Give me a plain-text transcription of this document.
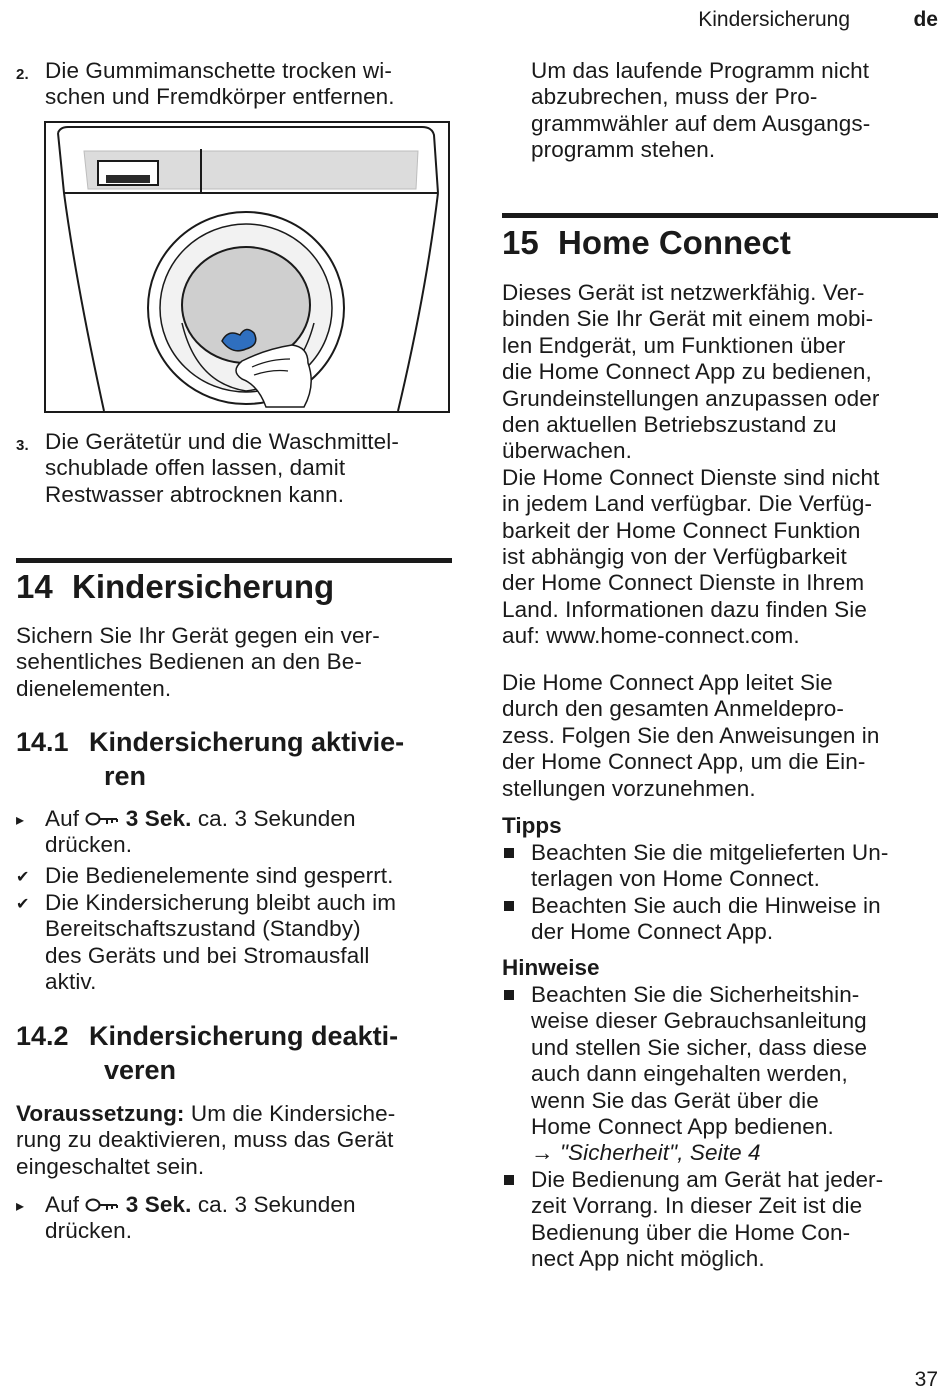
Kindersicherung	de
2. Die Gummimanschette trocken wi-
schen und Fremdkörper entfernen.
3. Die Gerätetür und die Waschmittel-
schublade offen lassen, damit
Restwasser abtrocknen kann.
14 Kindersicherung
Sichern Sie Ihr Gerät gegen ein ver-
sehentliches Bedienen an den Be-
dienelementen.
14.1 Kindersicherung aktivie-
ren
▸ Auf 3 Sek. ca. 3 Sekunden
drücken.
✔ Die Bedienelemente sind gesperrt.
✔ Die Kindersicherung bleibt auch im
Bereitschaftszustand (Standby)
des Geräts und bei Stromausfall
aktiv.
14.2 Kindersicherung deakti-
veren
Voraussetzung: Um die Kindersiche-
rung zu deaktivieren, muss das Gerät
eingeschaltet sein.
▸ Auf 3 Sek. ca. 3 Sekunden
drücken.
Um das laufende Programm nicht
abzubrechen, muss der Pro-
grammwähler auf dem Ausgangs-
programm stehen.
15 Home Connect
Dieses Gerät ist netzwerkfähig. Ver-
binden Sie Ihr Gerät mit einem mobi-
len Endgerät, um Funktionen über
die Home Connect App zu bedienen,
Grundeinstellungen anzupassen oder
den aktuellen Betriebszustand zu
überwachen.
Die Home Connect Dienste sind nicht
in jedem Land verfügbar. Die Verfüg-
barkeit der Home Connect Funktion
ist abhängig von der Verfügbarkeit
der Home Connect Dienste in Ihrem
Land. Informationen dazu finden Sie
auf: www.home-connect.com.
Die Home Connect App leitet Sie
durch den gesamten Anmeldepro-
zess. Folgen Sie den Anweisungen in
der Home Connect App, um die Ein-
stellungen vorzunehmen.
Tipps
Beachten Sie die mitgelieferten Un-
terlagen von Home Connect.
Beachten Sie auch die Hinweise in
der Home Connect App.
Hinweise
Beachten Sie die Sicherheitshin-
weise dieser Gebrauchsanleitung
und stellen Sie sicher, dass diese
auch dann eingehalten werden,
wenn Sie das Gerät über die
Home Connect App bedienen.
→ "Sicherheit", Seite 4
Die Bedienung am Gerät hat jeder-
zeit Vorrang. In dieser Zeit ist die
Bedienung über die Home Con-
nect App nicht möglich.
37
